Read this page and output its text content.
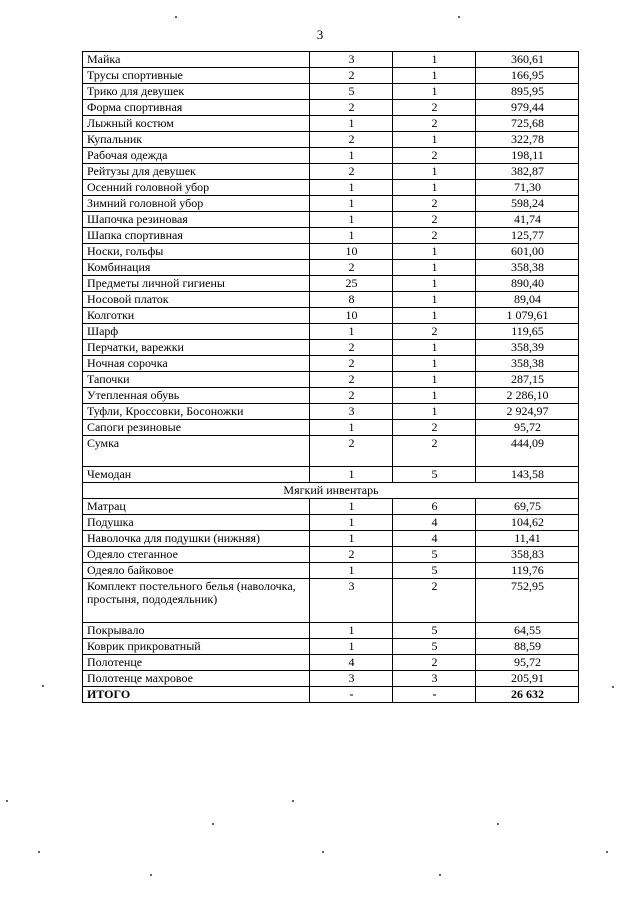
3
Майка	3	1	360,61
Трусы спортивные	2	1	166,95
Трико для девушек	5	1	895,95
Форма спортивная	2	2	979,44
Лыжный костюм	1	2	725,68
Купальник	2	1	322,78
Рабочая одежда	1	2	198,11
Рейтузы для девушек	2	1	382,87
Осенний головной убор	1	1	71,30
Зимний головной убор	1	2	598,24
Шапочка резиновая	1	2	41,74
Шапка спортивная	1	2	125,77
Носки, гольфы	10	1	601,00
Комбинация	2	1	358,38
Предметы личной гигиены	25	1	890,40
Носовой платок	8	1	89,04
Колготки	10	1	1 079,61
Шарф	1	2	119,65
Перчатки, варежки	2	1	358,39
Ночная сорочка	2	1	358,38
Тапочки	2	1	287,15
Утепленная обувь	2	1	2 286,10
Туфли, Кроссовки, Босоножки	3	1	2 924,97
Сапоги резиновые	1	2	95,72
Сумка	2	2	444,09
Чемодан	1	5	143,58
Мягкий инвентарь			
Матрац	1	6	69,75
Подушка	1	4	104,62
Наволочка для подушки (нижняя)	1	4	11,41
Одеяло стеганное	2	5	358,83
Одеяло байковое	1	5	119,76
Комплект постельного белья (наволочка, простыня, пододеяльник)	3	2	752,95
Покрывало	1	5	64,55
Коврик прикроватный	1	5	88,59
Полотенце	4	2	95,72
Полотенце махровое	3	3	205,91
ИТОГО	-	-	26 632
